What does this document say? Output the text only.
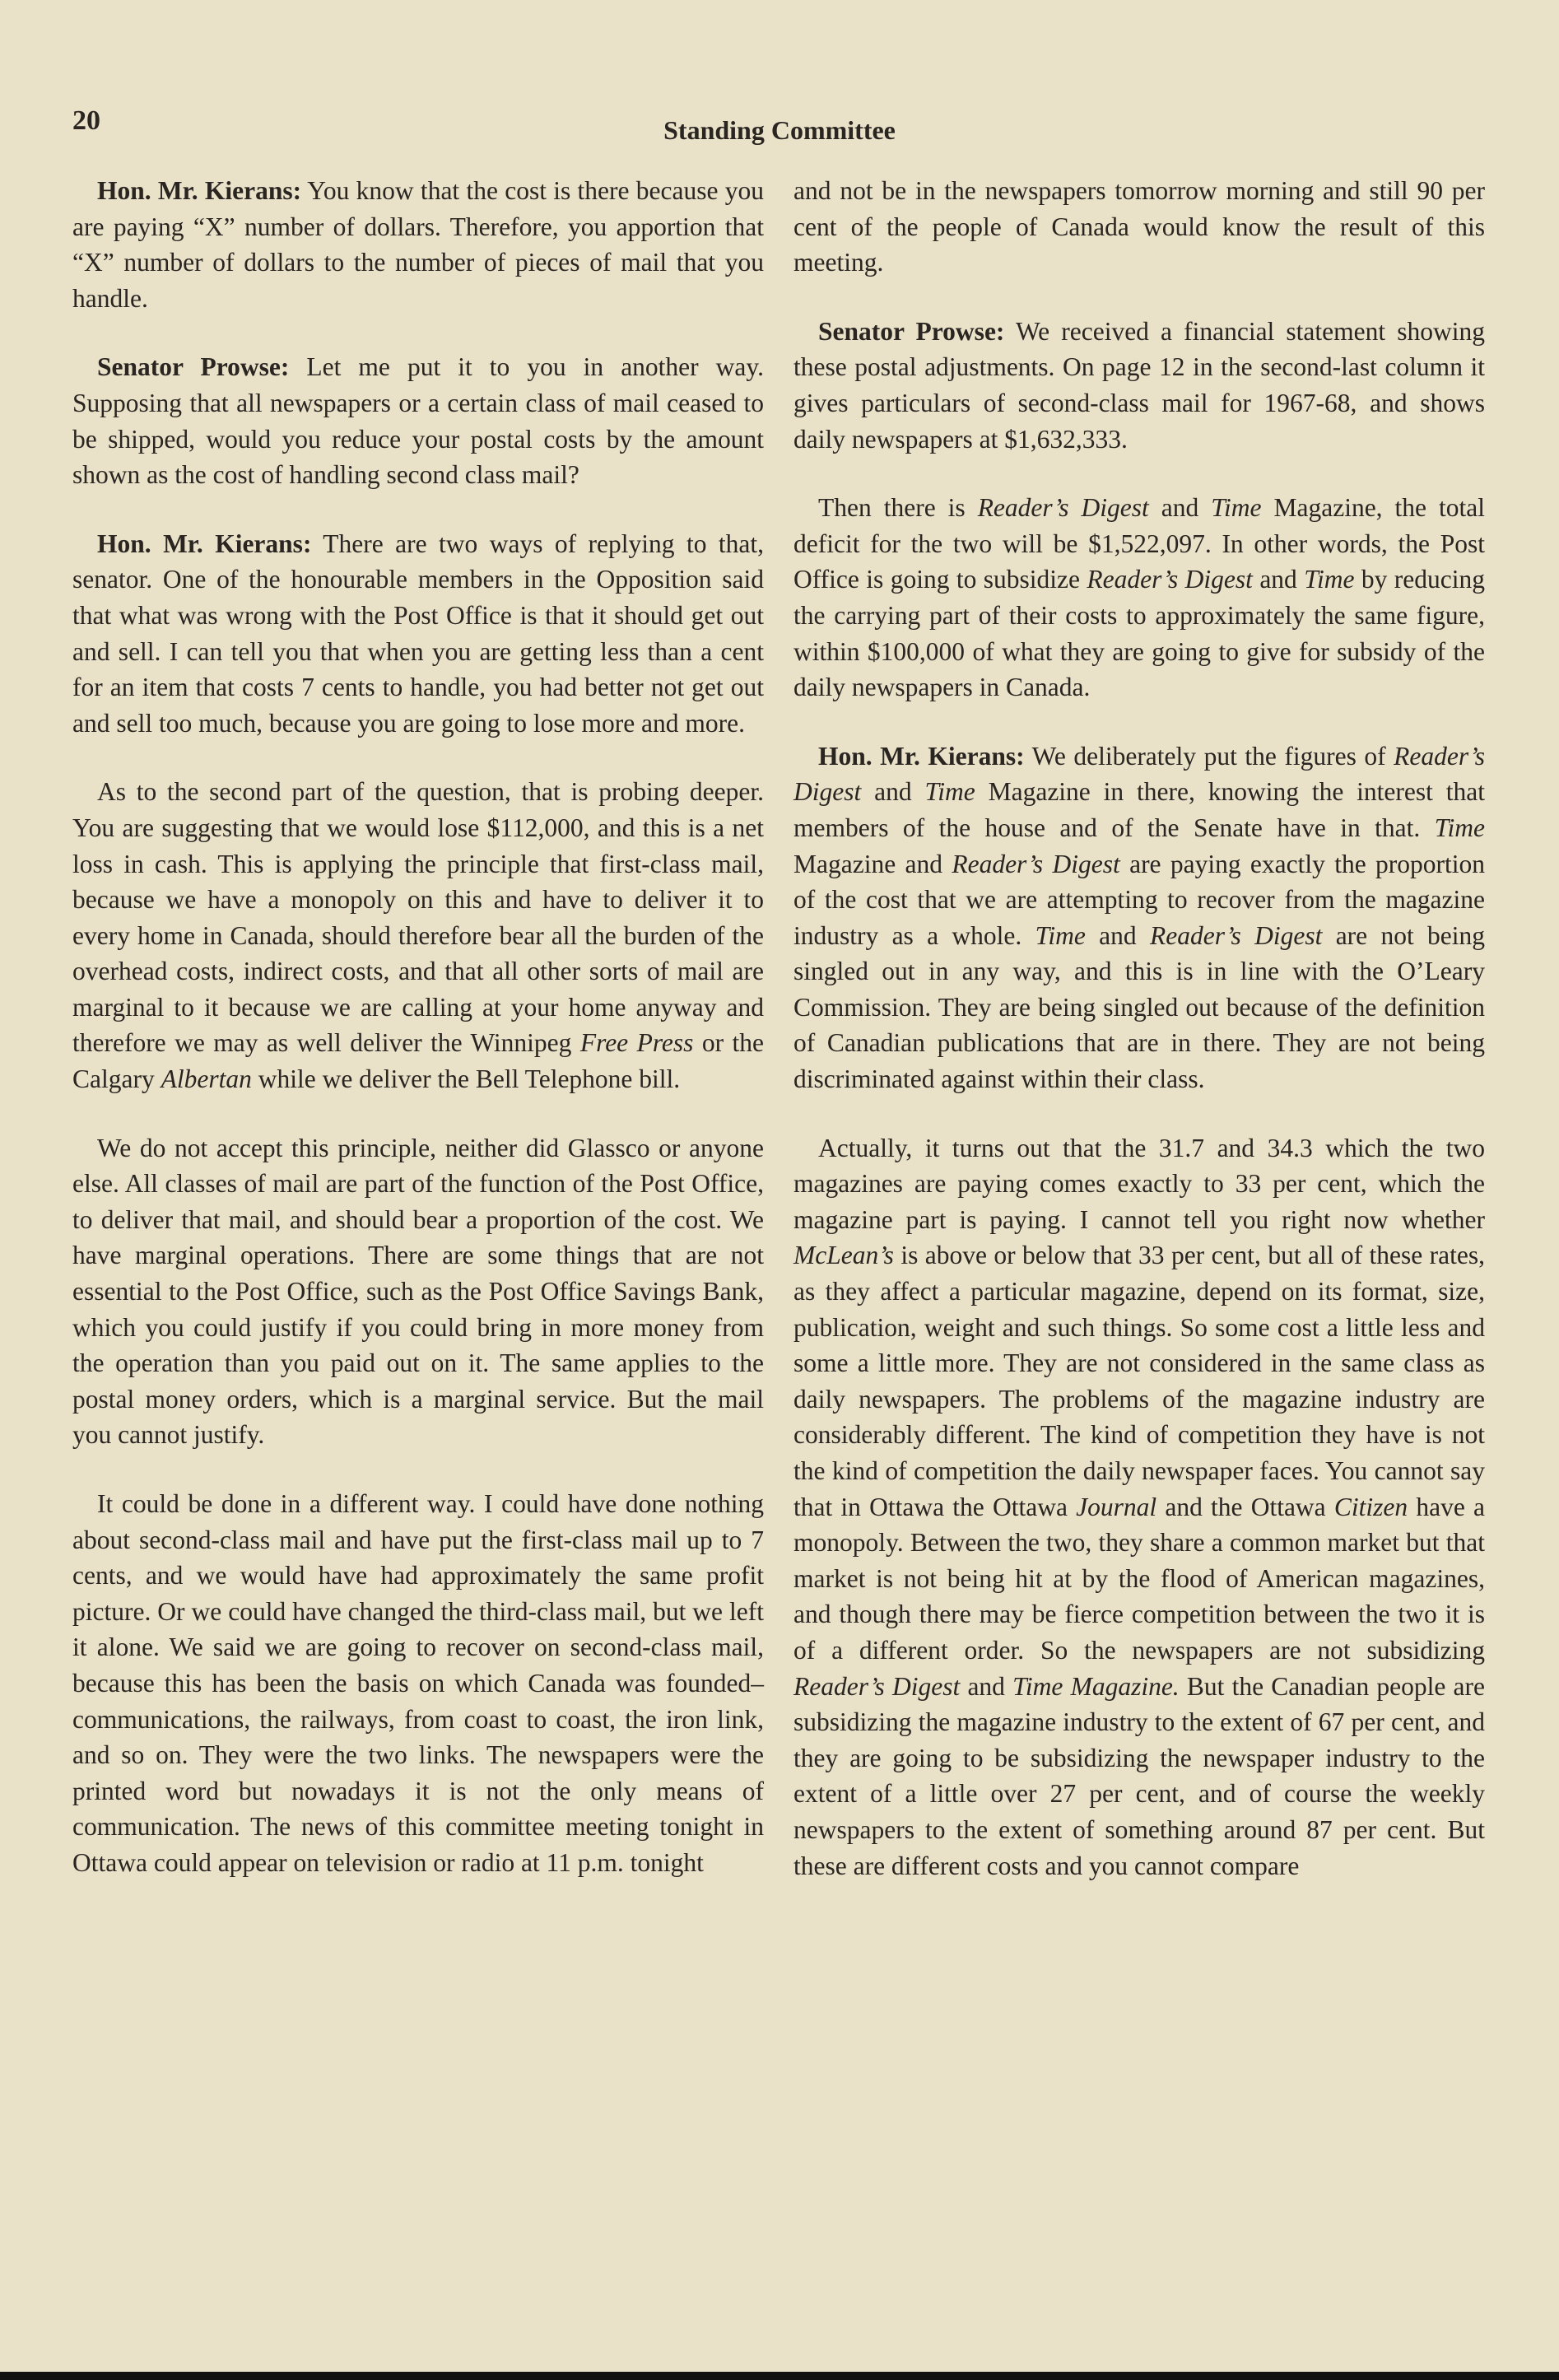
20	Standing Committee

Hon. Mr. Kierans: You know that the cost is there because you are paying “X” number of dollars. Therefore, you apportion that “X” number of dollars to the number of pieces of mail that you handle.

Senator Prowse: Let me put it to you in another way. Supposing that all newspapers or a certain class of mail ceased to be shipped, would you reduce your postal costs by the amount shown as the cost of handling second class mail?

Hon. Mr. Kierans: There are two ways of replying to that, senator. One of the honourable members in the Opposition said that what was wrong with the Post Office is that it should get out and sell. I can tell you that when you are getting less than a cent for an item that costs 7 cents to handle, you had better not get out and sell too much, because you are going to lose more and more.

As to the second part of the question, that is probing deeper. You are suggesting that we would lose $112,000, and this is a net loss in cash. This is applying the principle that first-class mail, because we have a monopoly on this and have to deliver it to every home in Canada, should therefore bear all the burden of the overhead costs, indirect costs, and that all other sorts of mail are marginal to it because we are calling at your home anyway and therefore we may as well deliver the Winnipeg Free Press or the Calgary Albertan while we deliver the Bell Telephone bill.

We do not accept this principle, neither did Glassco or anyone else. All classes of mail are part of the function of the Post Office, to deliver that mail, and should bear a proportion of the cost. We have marginal operations. There are some things that are not essential to the Post Office, such as the Post Office Savings Bank, which you could justify if you could bring in more money from the operation than you paid out on it. The same applies to the postal money orders, which is a marginal service. But the mail you cannot justify.

It could be done in a different way. I could have done nothing about second-class mail and have put the first-class mail up to 7 cents, and we would have had approximately the same profit picture. Or we could have changed the third-class mail, but we left it alone. We said we are going to recover on second-class mail, because this has been the basis on which Canada was founded–communications, the railways, from coast to coast, the iron link, and so on. They were the two links. The newspapers were the printed word but nowadays it is not the only means of communication. The news of this committee meeting tonight in Ottawa could appear on television or radio at 11 p.m. tonight

and not be in the newspapers tomorrow morning and still 90 per cent of the people of Canada would know the result of this meeting.

Senator Prowse: We received a financial statement showing these postal adjustments. On page 12 in the second-last column it gives particulars of second-class mail for 1967-68, and shows daily newspapers at $1,632,333.

Then there is Reader’s Digest and Time Magazine, the total deficit for the two will be $1,522,097. In other words, the Post Office is going to subsidize Reader’s Digest and Time by reducing the carrying part of their costs to approximately the same figure, within $100,000 of what they are going to give for subsidy of the daily newspapers in Canada.

Hon. Mr. Kierans: We deliberately put the figures of Reader’s Digest and Time Magazine in there, knowing the interest that members of the house and of the Senate have in that. Time Magazine and Reader’s Digest are paying exactly the proportion of the cost that we are attempting to recover from the magazine industry as a whole. Time and Reader’s Digest are not being singled out in any way, and this is in line with the O’Leary Commission. They are being singled out because of the definition of Canadian publications that are in there. They are not being discriminated against within their class.

Actually, it turns out that the 31.7 and 34.3 which the two magazines are paying comes exactly to 33 per cent, which the magazine part is paying. I cannot tell you right now whether McLean’s is above or below that 33 per cent, but all of these rates, as they affect a particular magazine, depend on its format, size, publication, weight and such things. So some cost a little less and some a little more. They are not considered in the same class as daily newspapers. The problems of the magazine industry are considerably different. The kind of competition they have is not the kind of competition the daily newspaper faces. You cannot say that in Ottawa the Ottawa Journal and the Ottawa Citizen have a monopoly. Between the two, they share a common market but that market is not being hit at by the flood of American magazines, and though there may be fierce competition between the two it is of a different order. So the newspapers are not subsidizing Reader’s Digest and Time Magazine. But the Canadian people are subsidizing the magazine industry to the extent of 67 per cent, and they are going to be subsidizing the newspaper industry to the extent of a little over 27 per cent, and of course the weekly newspapers to the extent of something around 87 per cent. But these are different costs and you cannot compare
